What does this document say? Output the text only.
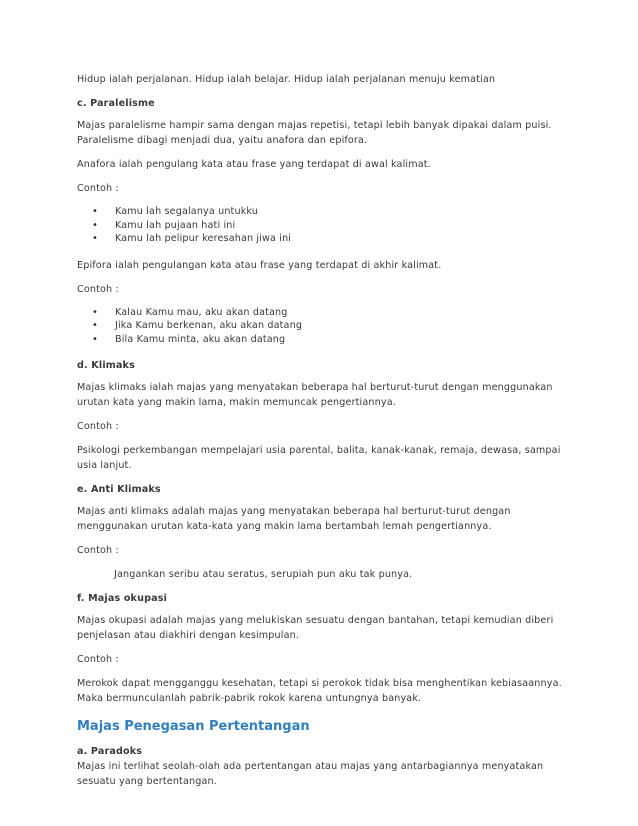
Hidup ialah perjalanan. Hidup ialah belajar. Hidup ialah perjalanan menuju kematian

c. Paralelisme

Majas paralelisme hampir sama dengan majas repetisi, tetapi lebih banyak dipakai dalam puisi. Paralelisme dibagi menjadi dua, yaitu anafora dan epifora.

Anafora ialah pengulang kata atau frase yang terdapat di awal kalimat.

Contoh :

• Kamu lah segalanya untukku
• Kamu lah pujaan hati ini
• Kamu lah pelipur keresahan jiwa ini

Epifora ialah pengulangan kata atau frase yang terdapat di akhir kalimat.

Contoh :

• Kalau Kamu mau, aku akan datang
• Jika Kamu berkenan, aku akan datang
• Bila Kamu minta, aku akan datang

d. Klimaks

Majas klimaks ialah majas yang menyatakan beberapa hal berturut-turut dengan menggunakan urutan kata yang makin lama, makin memuncak pengertiannya.

Contoh :

Psikologi perkembangan mempelajari usia parental, balita, kanak-kanak, remaja, dewasa, sampai usia lanjut.

e. Anti Klimaks

Majas anti klimaks adalah majas yang menyatakan beberapa hal berturut-turut dengan menggunakan urutan kata-kata yang makin lama bertambah lemah pengertiannya.

Contoh :

Jangankan seribu atau seratus, serupiah pun aku tak punya.

f. Majas okupasi

Majas okupasi adalah majas yang melukiskan sesuatu dengan bantahan, tetapi kemudian diberi penjelasan atau diakhiri dengan kesimpulan.

Contoh :

Merokok dapat mengganggu kesehatan, tetapi si perokok tidak bisa menghentikan kebiasaannya. Maka bermunculanlah pabrik-pabrik rokok karena untungnya banyak.

Majas Penegasan Pertentangan

a. Paradoks

Majas ini terlihat seolah-olah ada pertentangan atau majas yang antarbagiannya menyatakan sesuatu yang bertentangan.
